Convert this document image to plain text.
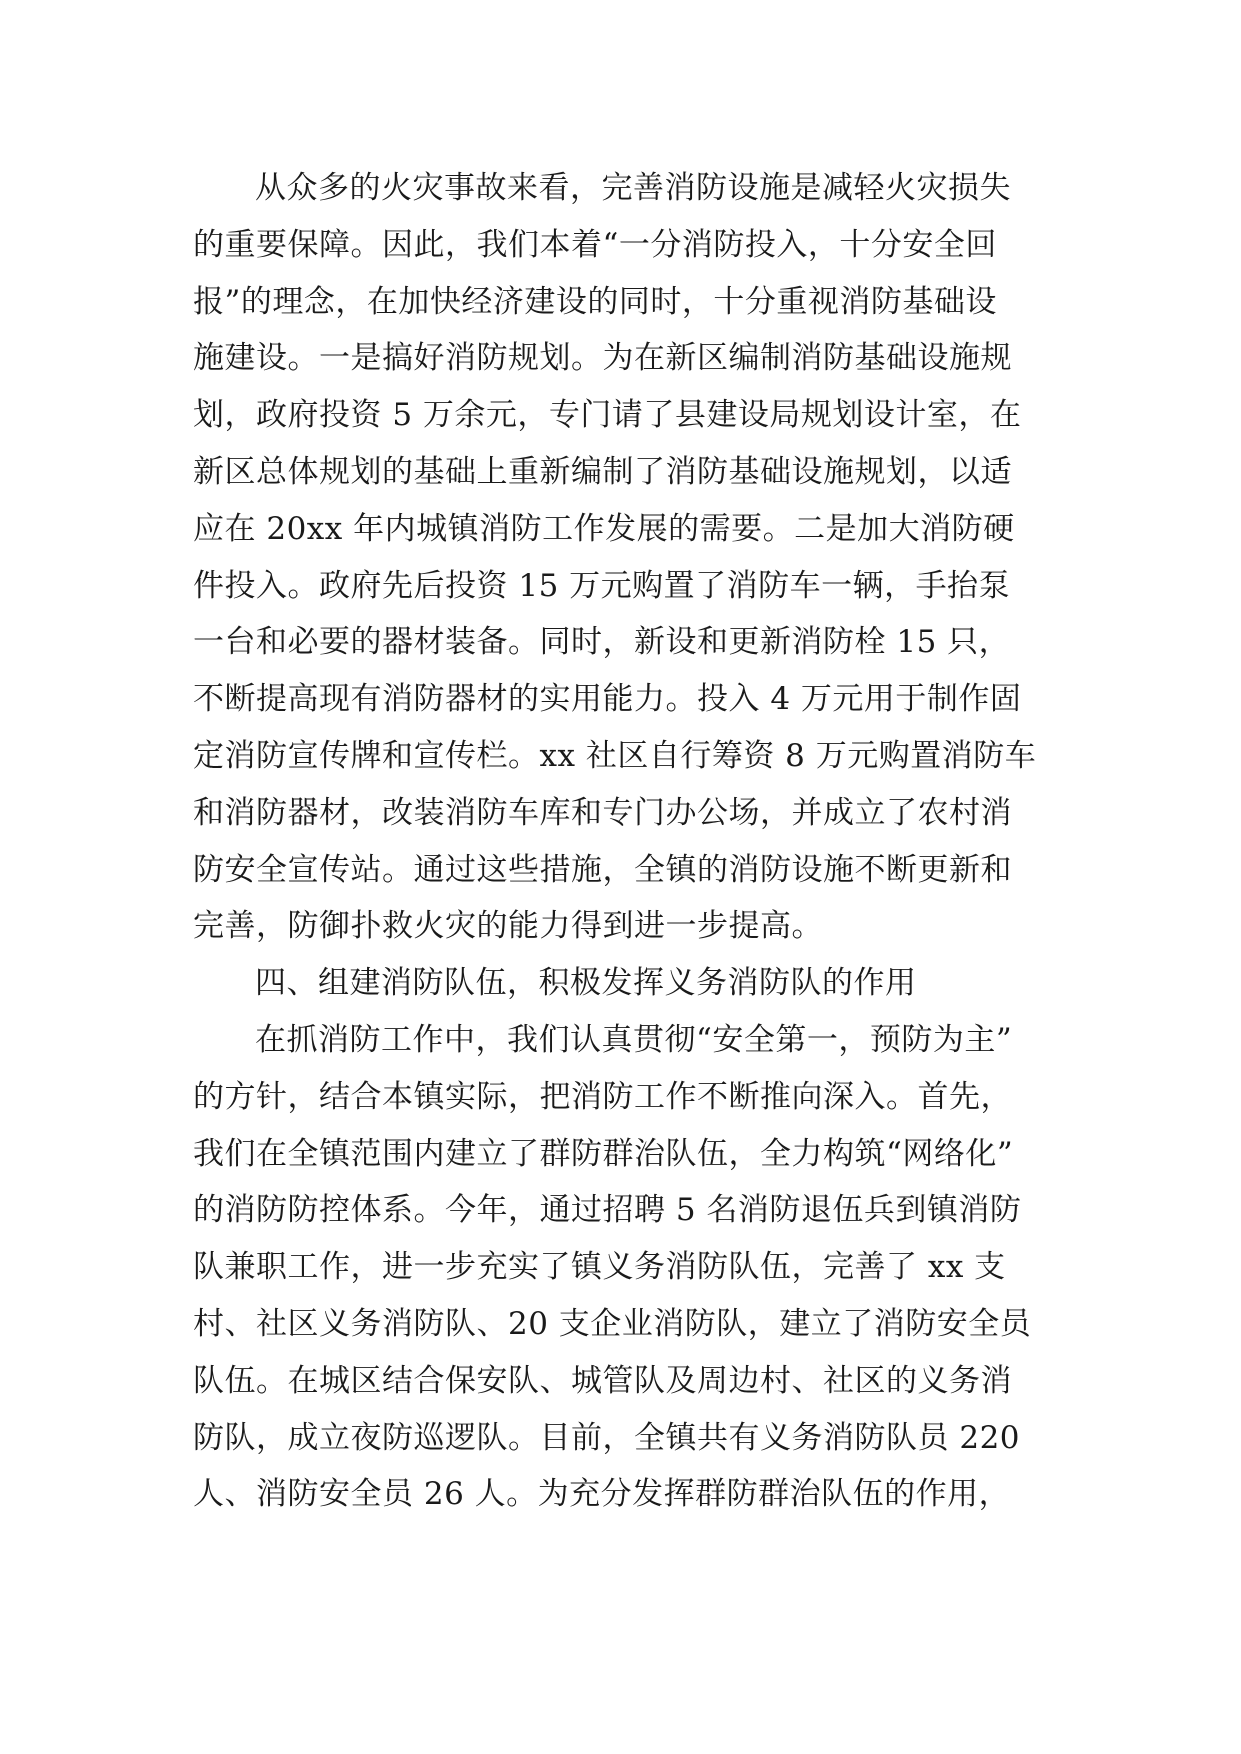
从众多的火灾事故来看，完善消防设施是减轻火灾损失
的重要保障。因此，我们本着“一分消防投入，十分安全回
报”的理念，在加快经济建设的同时，十分重视消防基础设
施建设。一是搞好消防规划。为在新区编制消防基础设施规
划，政府投资 5 万余元，专门请了县建设局规划设计室，在
新区总体规划的基础上重新编制了消防基础设施规划，以适
应在 20xx 年内城镇消防工作发展的需要。二是加大消防硬
件投入。政府先后投资 15 万元购置了消防车一辆，手抬泵
一台和必要的器材装备。同时，新设和更新消防栓 15 只，
不断提高现有消防器材的实用能力。投入 4 万元用于制作固
定消防宣传牌和宣传栏。xx 社区自行筹资 8 万元购置消防车
和消防器材，改装消防车库和专门办公场，并成立了农村消
防安全宣传站。通过这些措施，全镇的消防设施不断更新和
完善，防御扑救火灾的能力得到进一步提高。
四、组建消防队伍，积极发挥义务消防队的作用
在抓消防工作中，我们认真贯彻“安全第一，预防为主”
的方针，结合本镇实际，把消防工作不断推向深入。首先，
我们在全镇范围内建立了群防群治队伍，全力构筑“网络化”
的消防防控体系。今年，通过招聘 5 名消防退伍兵到镇消防
队兼职工作，进一步充实了镇义务消防队伍，完善了 xx 支
村、社区义务消防队、20 支企业消防队，建立了消防安全员
队伍。在城区结合保安队、城管队及周边村、社区的义务消
防队，成立夜防巡逻队。目前，全镇共有义务消防队员 220
人、消防安全员 26 人。为充分发挥群防群治队伍的作用，
